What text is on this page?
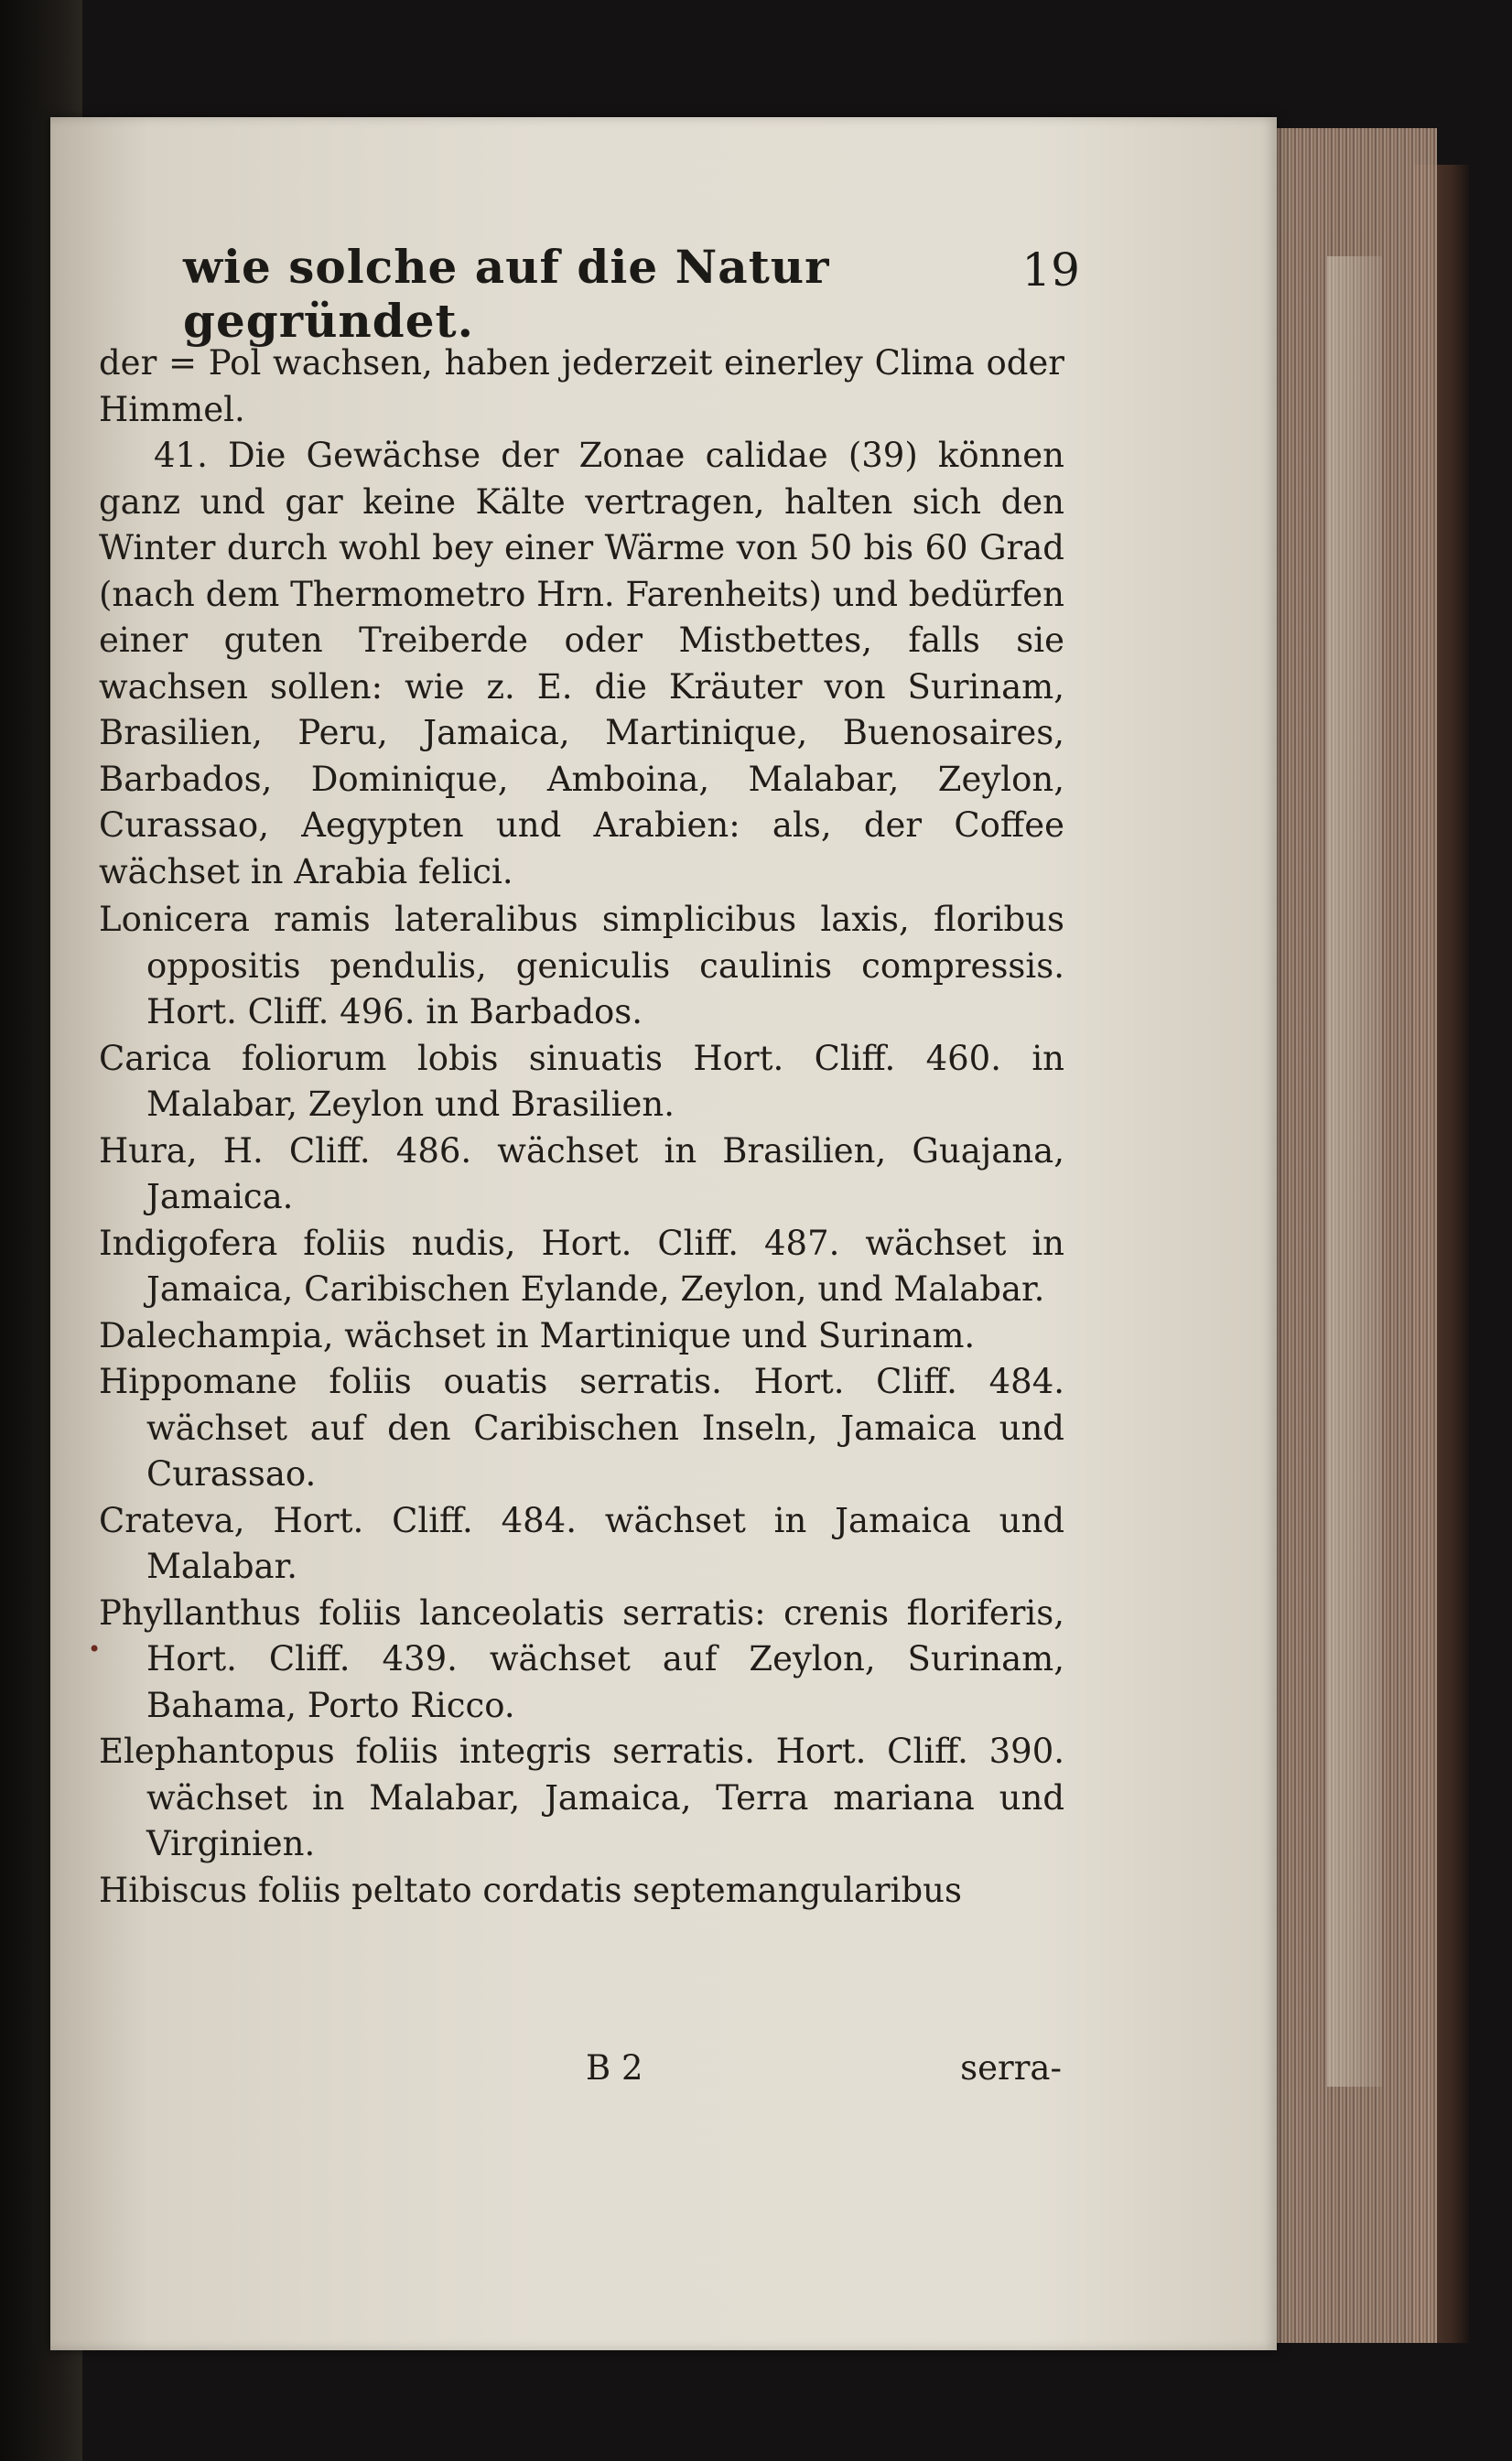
wie solche auf die Natur gegründet.
19

der = Pol wachsen, haben jederzeit einerley Clima oder Himmel.

41. Die Gewächse der Zonae calidae (39) können ganz und gar keine Kälte vertragen, halten sich den Winter durch wohl bey einer Wärme von 50 bis 60 Grad (nach dem Thermometro Hrn. Farenheits) und bedürfen einer guten Treiberde oder Mistbettes, falls sie wachsen sollen: wie z. E. die Kräuter von Surinam, Brasilien, Peru, Jamaica, Martinique, Buenosaires, Barbados, Dominique, Amboina, Malabar, Zeylon, Curassao, Aegypten und Arabien: als, der Coffee wächset in Arabia felici.

Lonicera ramis lateralibus simplicibus laxis, floribus oppositis pendulis, geniculis caulinis compressis. Hort. Cliff. 496. in Barbados.

Carica foliorum lobis sinuatis Hort. Cliff. 460. in Malabar, Zeylon und Brasilien.

Hura, H. Cliff. 486. wächset in Brasilien, Guajana, Jamaica.

Indigofera foliis nudis, Hort. Cliff. 487. wächset in Jamaica, Caribischen Eylande, Zeylon, und Malabar.

Dalechampia, wächset in Martinique und Surinam.

Hippomane foliis ouatis serratis. Hort. Cliff. 484. wächset auf den Caribischen Inseln, Jamaica und Curassao.

Crateva, Hort. Cliff. 484. wächset in Jamaica und Malabar.

Phyllanthus foliis lanceolatis serratis: crenis floriferis, Hort. Cliff. 439. wächset auf Zeylon, Surinam, Bahama, Porto Ricco.

Elephantopus foliis integris serratis. Hort. Cliff. 390. wächset in Malabar, Jamaica, Terra mariana und Virginien.

Hibiscus foliis peltato cordatis septemangularibus

B 2	serra-
•
